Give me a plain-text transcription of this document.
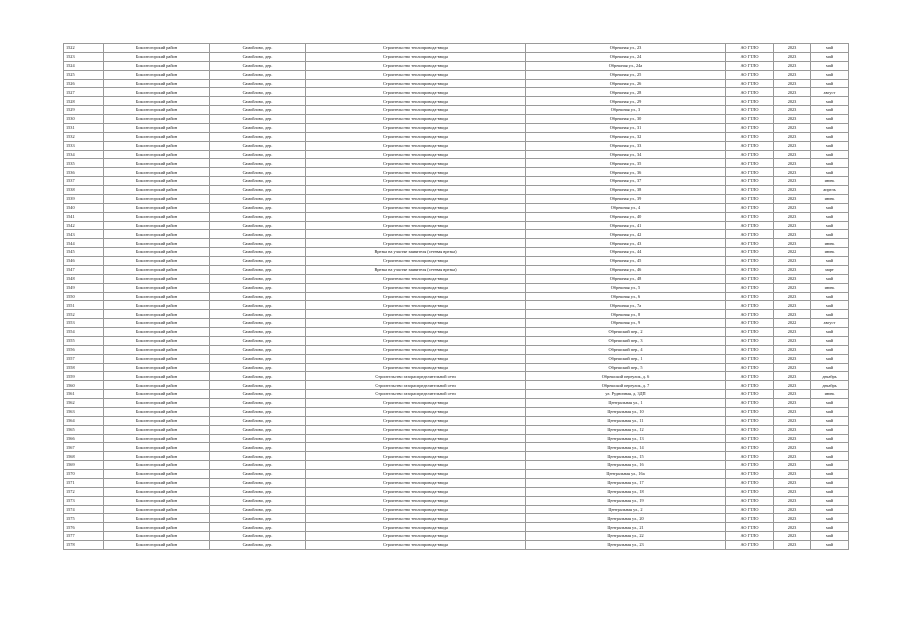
1522	Бокситогорский район	Самойлово, дер.	Строительство теплопровода-ввода	Обрешная ул., 23	АО ГТЛО	2023	май
1523	Бокситогорский район	Самойлово, дер.	Строительство теплопровода-ввода	Обрешная ул., 24	АО ГТЛО	2023	май
1524	Бокситогорский район	Самойлово, дер.	Строительство теплопровода-ввода	Обрешная ул., 24а	АО ГТЛО	2023	май
1525	Бокситогорский район	Самойлово, дер.	Строительство теплопровода-ввода	Обрешная ул., 25	АО ГТЛО	2023	май
1526	Бокситогорский район	Самойлово, дер.	Строительство теплопровода-ввода	Обрешная ул., 26	АО ГТЛО	2023	май
1527	Бокситогорский район	Самойлово, дер.	Строительство теплопровода-ввода	Обрешная ул., 28	АО ГТЛО	2023	август
1528	Бокситогорский район	Самойлово, дер.	Строительство теплопровода-ввода	Обрешная ул., 29	АО ГТЛО	2023	май
1529	Бокситогорский район	Самойлово, дер.	Строительство теплопровода-ввода	Обрешная ул., 3	АО ГТЛО	2023	май
1530	Бокситогорский район	Самойлово, дер.	Строительство теплопровода-ввода	Обрешная ул., 30	АО ГТЛО	2023	май
1531	Бокситогорский район	Самойлово, дер.	Строительство теплопровода-ввода	Обрешная ул., 31	АО ГТЛО	2023	май
1532	Бокситогорский район	Самойлово, дер.	Строительство теплопровода-ввода	Обрешная ул., 32	АО ГТЛО	2023	май
1533	Бокситогорский район	Самойлово, дер.	Строительство теплопровода-ввода	Обрешная ул., 33	АО ГТЛО	2023	май
1534	Бокситогорский район	Самойлово, дер.	Строительство теплопровода-ввода	Обрешная ул., 34	АО ГТЛО	2023	май
1535	Бокситогорский район	Самойлово, дер.	Строительство теплопровода-ввода	Обрешная ул., 35	АО ГТЛО	2023	май
1536	Бокситогорский район	Самойлово, дер.	Строительство теплопровода-ввода	Обрешная ул., 36	АО ГТЛО	2023	май
1537	Бокситогорский район	Самойлово, дер.	Строительство теплопровода-ввода	Обрешная ул., 37	АО ГТЛО	2023	июнь
1538	Бокситогорский район	Самойлово, дер.	Строительство теплопровода-ввода	Обрешная ул., 38	АО ГТЛО	2023	апрель
1539	Бокситогорский район	Самойлово, дер.	Строительство теплопровода-ввода	Обрешная ул., 39	АО ГТЛО	2023	июнь
1540	Бокситогорский район	Самойлово, дер.	Строительство теплопровода-ввода	Обрешная ул., 4	АО ГТЛО	2023	май
1541	Бокситогорский район	Самойлово, дер.	Строительство теплопровода-ввода	Обрешная ул., 40	АО ГТЛО	2023	май
1542	Бокситогорский район	Самойлово, дер.	Строительство теплопровода-ввода	Обрешная ул., 41	АО ГТЛО	2023	май
1543	Бокситогорский район	Самойлово, дер.	Строительство теплопровода-ввода	Обрешная ул., 42	АО ГТЛО	2023	май
1544	Бокситогорский район	Самойлово, дер.	Строительство теплопровода-ввода	Обрешная ул., 43	АО ГТЛО	2023	июнь
1545	Бокситогорский район	Самойлово, дер.	Врезка на участке заявителя (сетевая врезка)	Обрешная ул., 44	АО ГТЛО	2022	июнь
1546	Бокситогорский район	Самойлово, дер.	Строительство теплопровода-ввода	Обрешная ул., 45	АО ГТЛО	2023	май
1547	Бокситогорский район	Самойлово, дер.	Врезка на участке заявителя (сетевая врезка)	Обрешная ул., 46	АО ГТЛО	2023	март
1548	Бокситогорский район	Самойлово, дер.	Строительство теплопровода-ввода	Обрешная ул., 48	АО ГТЛО	2023	май
1549	Бокситогорский район	Самойлово, дер.	Строительство теплопровода-ввода	Обрешная ул., 5	АО ГТЛО	2023	июнь
1550	Бокситогорский район	Самойлово, дер.	Строительство теплопровода-ввода	Обрешная ул., 6	АО ГТЛО	2023	май
1551	Бокситогорский район	Самойлово, дер.	Строительство теплопровода-ввода	Обрешная ул., 7а	АО ГТЛО	2023	май
1552	Бокситогорский район	Самойлово, дер.	Строительство теплопровода-ввода	Обрешная ул., 8	АО ГТЛО	2023	май
1553	Бокситогорский район	Самойлово, дер.	Строительство теплопровода-ввода	Обрешная ул., 9	АО ГТЛО	2022	август
1554	Бокситогорский район	Самойлово, дер.	Строительство теплопровода-ввода	Обрешский пер., 2	АО ГТЛО	2023	май
1555	Бокситогорский район	Самойлово, дер.	Строительство теплопровода-ввода	Обрешский пер., 3	АО ГТЛО	2023	май
1556	Бокситогорский район	Самойлово, дер.	Строительство теплопровода-ввода	Обрешский пер., 4	АО ГТЛО	2023	май
1557	Бокситогорский район	Самойлово, дер.	Строительство теплопровода-ввода	Обрешский пер., 1	АО ГТЛО	2023	май
1558	Бокситогорский район	Самойлово, дер.	Строительство теплопровода-ввода	Обрешский пер., 5	АО ГТЛО	2023	май
1559	Бокситогорский район	Самойлово, дер.	Строительство газораспределительной сети	Обрешский переулок, д. 6	АО ГТЛО	2023	декабрь
1560	Бокситогорский район	Самойлово, дер.	Строительство газораспределительной сети	Обрешский переулок, д. 7	АО ГТЛО	2023	декабрь
1561	Бокситогорский район	Самойлово, дер.	Строительство газораспределительной сети	ул. Рудничная, д. 3ДП	АО ГТЛО	2023	июнь
1562	Бокситогорский район	Самойлово, дер.	Строительство теплопровода-ввода	Центральная ул., 1	АО ГТЛО	2023	май
1563	Бокситогорский район	Самойлово, дер.	Строительство теплопровода-ввода	Центральная ул., 10	АО ГТЛО	2023	май
1564	Бокситогорский район	Самойлово, дер.	Строительство теплопровода-ввода	Центральная ул., 11	АО ГТЛО	2023	май
1565	Бокситогорский район	Самойлово, дер.	Строительство теплопровода-ввода	Центральная ул., 12	АО ГТЛО	2023	май
1566	Бокситогорский район	Самойлово, дер.	Строительство теплопровода-ввода	Центральная ул., 13	АО ГТЛО	2023	май
1567	Бокситогорский район	Самойлово, дер.	Строительство теплопровода-ввода	Центральная ул., 14	АО ГТЛО	2023	май
1568	Бокситогорский район	Самойлово, дер.	Строительство теплопровода-ввода	Центральная ул., 15	АО ГТЛО	2023	май
1569	Бокситогорский район	Самойлово, дер.	Строительство теплопровода-ввода	Центральная ул., 16	АО ГТЛО	2023	май
1570	Бокситогорский район	Самойлово, дер.	Строительство теплопровода-ввода	Центральная ул., 16а	АО ГТЛО	2023	май
1571	Бокситогорский район	Самойлово, дер.	Строительство теплопровода-ввода	Центральная ул., 17	АО ГТЛО	2023	май
1572	Бокситогорский район	Самойлово, дер.	Строительство теплопровода-ввода	Центральная ул., 18	АО ГТЛО	2023	май
1573	Бокситогорский район	Самойлово, дер.	Строительство теплопровода-ввода	Центральная ул., 19	АО ГТЛО	2023	май
1574	Бокситогорский район	Самойлово, дер.	Строительство теплопровода-ввода	Центральная ул., 2	АО ГТЛО	2023	май
1575	Бокситогорский район	Самойлово, дер.	Строительство теплопровода-ввода	Центральная ул., 20	АО ГТЛО	2023	май
1576	Бокситогорский район	Самойлово, дер.	Строительство теплопровода-ввода	Центральная ул., 21	АО ГТЛО	2023	май
1577	Бокситогорский район	Самойлово, дер.	Строительство теплопровода-ввода	Центральная ул., 22	АО ГТЛО	2023	май
1578	Бокситогорский район	Самойлово, дер.	Строительство теплопровода-ввода	Центральная ул., 23	АО ГТЛО	2023	май
